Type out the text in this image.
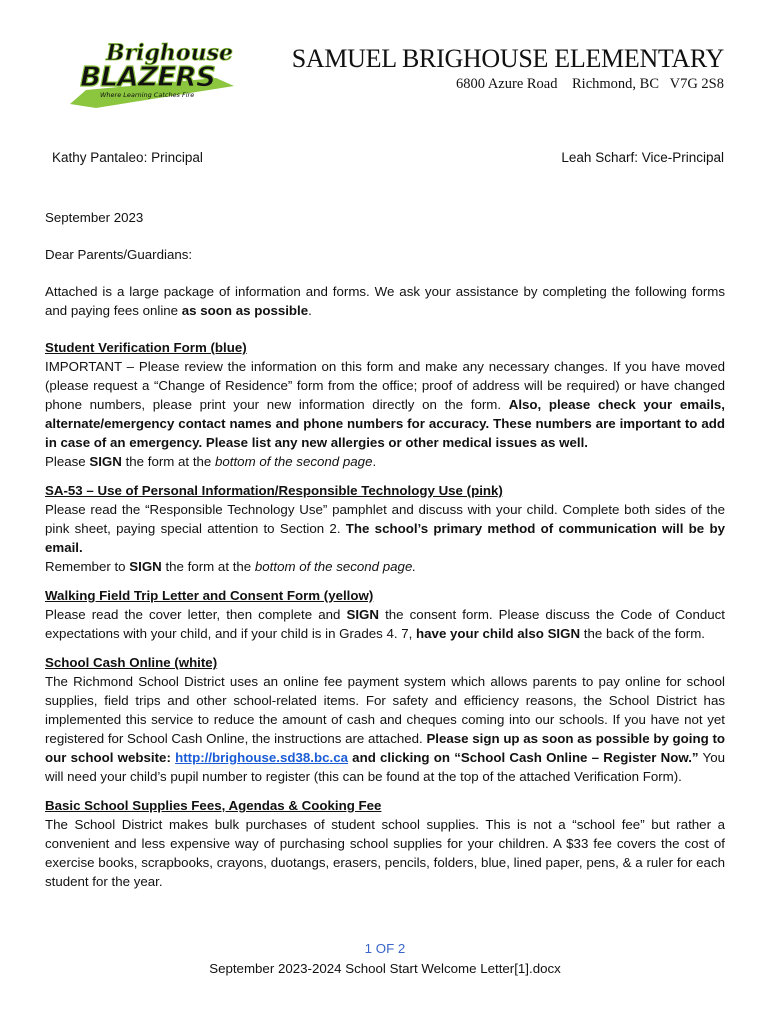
Brighouse
BLAZERS
Where Learning Catches Fire
SAMUEL BRIGHOUSE ELEMENTARY
6800 Azure Road    Richmond, BC   V7G 2S8
Kathy Pantaleo: Principal	Leah Scharf: Vice-Principal

September 2023

Dear Parents/Guardians:

Attached is a large package of information and forms. We ask your assistance by completing the following forms and paying fees online as soon as possible.

Student Verification Form (blue)

IMPORTANT – Please review the information on this form and make any necessary changes. If you have moved (please request a “Change of Residence” form from the office; proof of address will be required) or have changed phone numbers, please print your new information directly on the form. Also, please check your emails, alternate/emergency contact names and phone numbers for accuracy. These numbers are important to add in case of an emergency. Please list any new allergies or other medical issues as well.

Please SIGN the form at the bottom of the second page.

SA-53 – Use of Personal Information/Responsible Technology Use (pink)

Please read the “Responsible Technology Use” pamphlet and discuss with your child. Complete both sides of the pink sheet, paying special attention to Section 2. The school’s primary method of communication will be by email.

Remember to SIGN the form at the bottom of the second page.

Walking Field Trip Letter and Consent Form (yellow)

Please read the cover letter, then complete and SIGN the consent form. Please discuss the Code of Conduct expectations with your child, and if your child is in Grades 4. 7, have your child also SIGN the back of the form.

School Cash Online (white)

The Richmond School District uses an online fee payment system which allows parents to pay online for school supplies, field trips and other school-related items. For safety and efficiency reasons, the School District has implemented this service to reduce the amount of cash and cheques coming into our schools. If you have not yet registered for School Cash Online, the instructions are attached. Please sign up as soon as possible by going to our school website: http://brighouse.sd38.bc.ca and clicking on “School Cash Online – Register Now.” You will need your child’s pupil number to register (this can be found at the top of the attached Verification Form).

Basic School Supplies Fees, Agendas & Cooking Fee

The School District makes bulk purchases of student school supplies. This is not a “school fee” but rather a convenient and less expensive way of purchasing school supplies for your children. A $33 fee covers the cost of exercise books, scrapbooks, crayons, duotangs, erasers, pencils, folders, blue, lined paper, pens, & a ruler for each student for the year.

1 OF 2
September 2023-2024 School Start Welcome Letter[1].docx
